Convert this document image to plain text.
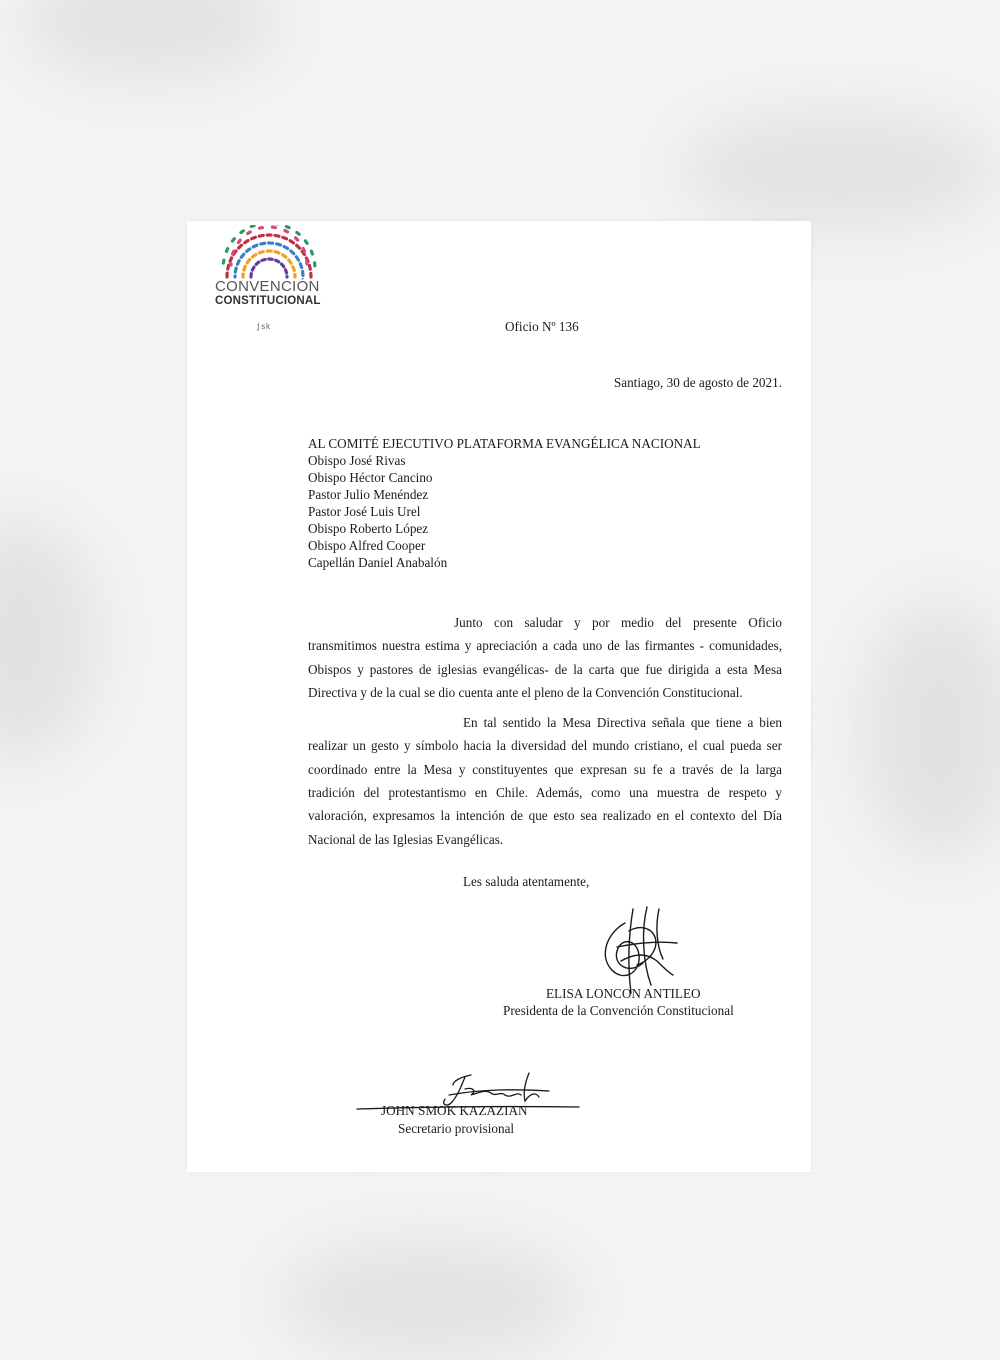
CONVENCIÓN
CONSTITUCIONAL
jsk	Oficio Nº 136
Santiago, 30 de agosto de 2021.
AL COMITÉ EJECUTIVO PLATAFORMA EVANGÉLICA NACIONAL
Obispo José Rivas
Obispo Héctor Cancino
Pastor Julio Menéndez
Pastor José Luis Urel
Obispo Roberto López
Obispo Alfred Cooper
Capellán Daniel Anabalón

Junto con saludar y por medio del presente Oficio transmitimos nuestra estima y apreciación a cada uno de las firmantes - comunidades, Obispos y pastores de iglesias evangélicas- de la carta que fue dirigida a esta Mesa Directiva y de la cual se dio cuenta ante el pleno de la Convención Constitucional.

En tal sentido la Mesa Directiva señala que tiene a bien realizar un gesto y símbolo hacia la diversidad del mundo cristiano, el cual pueda ser coordinado entre la Mesa y constituyentes que expresan su fe a través de la larga tradición del protestantismo en Chile. Además, como una muestra de respeto y valoración, expresamos la intención de que esto sea realizado en el contexto del Día Nacional de las Iglesias Evangélicas.

Les saluda atentamente,
ELISA LONCON ANTILEO
Presidenta de la Convención Constitucional
JOHN SMOK KAZAZIAN
Secretario provisional
